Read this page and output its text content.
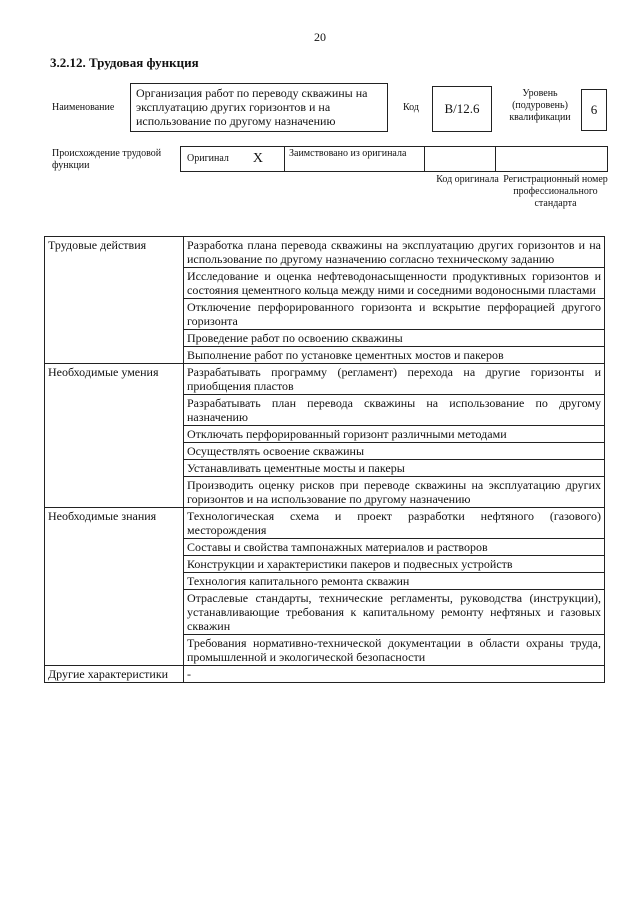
20
3.2.12. Трудовая функция
Наименование
Организация работ по переводу скважины на эксплуатацию других горизонтов и на использование по другому назначению
Код	B/12.6
Уровень (подуровень) квалификации
6
Происхождение трудовой функции
Оригинал X	Заимствовано из оригинала
Код оригинала Регистрационный номер профессионального стандарта
Трудовые действия	Разработка плана перевода скважины на эксплуатацию других горизонтов и на использование по другому назначению согласно техническому заданию
	Исследование и оценка нефтеводонасыщенности продуктивных горизонтов и состояния цементного кольца между ними и соседними водоносными пластами
	Отключение перфорированного горизонта и вскрытие перфорацией другого горизонта
	Проведение работ по освоению скважины
	Выполнение работ по установке цементных мостов и пакеров
Необходимые умения	Разрабатывать программу (регламент) перехода на другие горизонты и приобщения пластов
	Разрабатывать план перевода скважины на использование по другому назначению
	Отключать перфорированный горизонт различными методами
	Осуществлять освоение скважины
	Устанавливать цементные мосты и пакеры
	Производить оценку рисков при переводе скважины на эксплуатацию других горизонтов и на использование по другому назначению
Необходимые знания	Технологическая схема и проект разработки нефтяного (газового) месторождения
	Составы и свойства тампонажных материалов и растворов
	Конструкции и характеристики пакеров и подвесных устройств
	Технология капитального ремонта скважин
	Отраслевые стандарты, технические регламенты, руководства (инструкции), устанавливающие требования к капитальному ремонту нефтяных и газовых скважин
	Требования нормативно-технической документации в области охраны труда, промышленной и экологической безопасности
Другие характеристики	-
